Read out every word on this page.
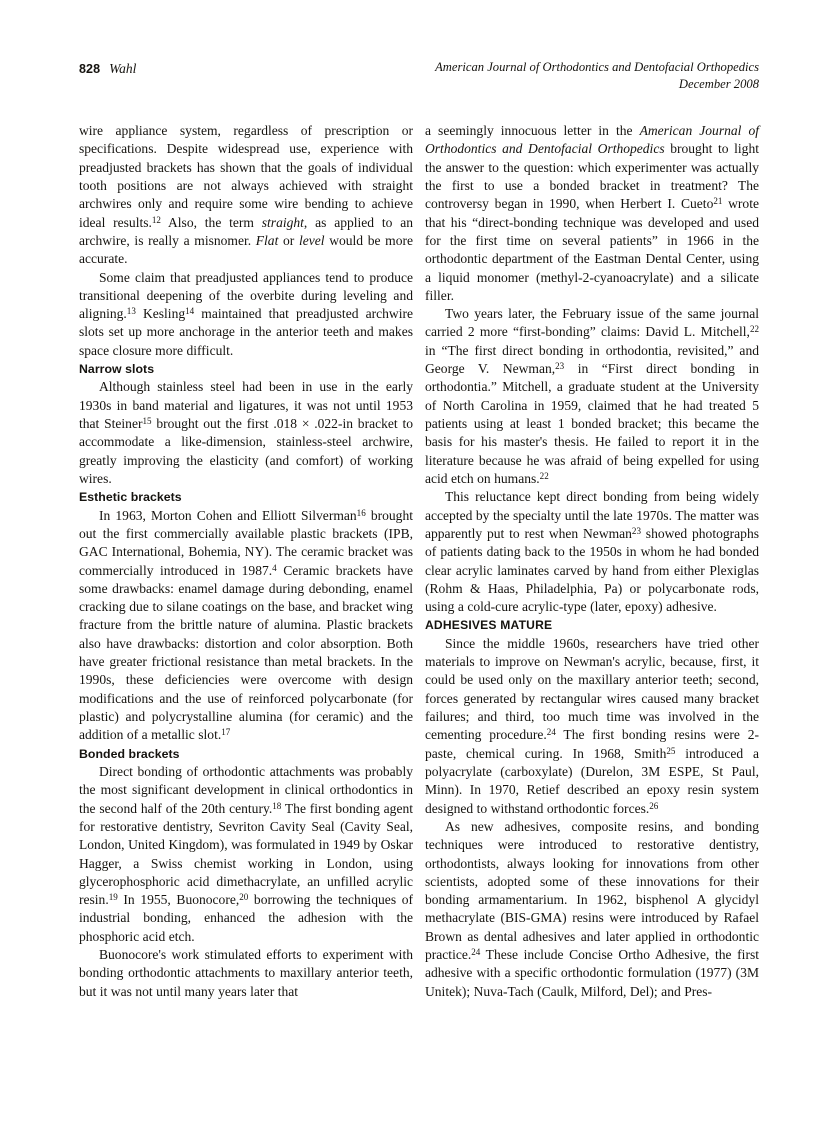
828 Wahl	American Journal of Orthodontics and Dentofacial Orthopedics
December 2008

wire appliance system, regardless of prescription or specifications. Despite widespread use, experience with preadjusted brackets has shown that the goals of individual tooth positions are not always achieved with straight archwires only and require some wire bending to achieve ideal results.$^{12}$ Also, the term straight, as applied to an archwire, is really a misnomer. Flat or level would be more accurate.

Some claim that preadjusted appliances tend to produce transitional deepening of the overbite during leveling and aligning.$^{13}$ Kesling$^{14}$ maintained that preadjusted archwire slots set up more anchorage in the anterior teeth and makes space closure more difficult.

Narrow slots

Although stainless steel had been in use in the early 1930s in band material and ligatures, it was not until 1953 that Steiner$^{15}$ brought out the first .018 × .022-in bracket to accommodate a like-dimension, stainless-steel archwire, greatly improving the elasticity (and comfort) of working wires.

Esthetic brackets

In 1963, Morton Cohen and Elliott Silverman$^{16}$ brought out the first commercially available plastic brackets (IPB, GAC International, Bohemia, NY). The ceramic bracket was commercially introduced in 1987.$^4$ Ceramic brackets have some drawbacks: enamel damage during debonding, enamel cracking due to silane coatings on the base, and bracket wing fracture from the brittle nature of alumina. Plastic brackets also have drawbacks: distortion and color absorption. Both have greater frictional resistance than metal brackets. In the 1990s, these deficiencies were overcome with design modifications and the use of reinforced polycarbonate (for plastic) and polycrystalline alumina (for ceramic) and the addition of a metallic slot.$^{17}$

Bonded brackets

Direct bonding of orthodontic attachments was probably the most significant development in clinical orthodontics in the second half of the 20th century.$^{18}$ The first bonding agent for restorative dentistry, Sevriton Cavity Seal (Cavity Seal, London, United Kingdom), was formulated in 1949 by Oskar Hagger, a Swiss chemist working in London, using glycerophosphoric acid dimethacrylate, an unfilled acrylic resin.$^{19}$ In 1955, Buonocore,$^{20}$ borrowing the techniques of industrial bonding, enhanced the adhesion with the phosphoric acid etch.

Buonocore's work stimulated efforts to experiment with bonding orthodontic attachments to maxillary anterior teeth, but it was not until many years later that

a seemingly innocuous letter in the American Journal of Orthodontics and Dentofacial Orthopedics brought to light the answer to the question: which experimenter was actually the first to use a bonded bracket in treatment? The controversy began in 1990, when Herbert I. Cueto$^{21}$ wrote that his “direct-bonding technique was developed and used for the first time on several patients” in 1966 in the orthodontic department of the Eastman Dental Center, using a liquid monomer (methyl-2-cyanoacrylate) and a silicate filler.

Two years later, the February issue of the same journal carried 2 more “first-bonding” claims: David L. Mitchell,$^{22}$ in “The first direct bonding in orthodontia, revisited,” and George V. Newman,$^{23}$ in “First direct bonding in orthodontia.” Mitchell, a graduate student at the University of North Carolina in 1959, claimed that he had treated 5 patients using at least 1 bonded bracket; this became the basis for his master's thesis. He failed to report it in the literature because he was afraid of being expelled for using acid etch on humans.$^{22}$

This reluctance kept direct bonding from being widely accepted by the specialty until the late 1970s. The matter was apparently put to rest when Newman$^{23}$ showed photographs of patients dating back to the 1950s in whom he had bonded clear acrylic laminates carved by hand from either Plexiglas (Rohm & Haas, Philadelphia, Pa) or polycarbonate rods, using a cold-cure acrylic-type (later, epoxy) adhesive.

ADHESIVES MATURE

Since the middle 1960s, researchers have tried other materials to improve on Newman's acrylic, because, first, it could be used only on the maxillary anterior teeth; second, forces generated by rectangular wires caused many bracket failures; and third, too much time was involved in the cementing procedure.$^{24}$ The first bonding resins were 2-paste, chemical curing. In 1968, Smith$^{25}$ introduced a polyacrylate (carboxylate) (Durelon, 3M ESPE, St Paul, Minn). In 1970, Retief described an epoxy resin system designed to withstand orthodontic forces.$^{26}$

As new adhesives, composite resins, and bonding techniques were introduced to restorative dentistry, orthodontists, always looking for innovations from other scientists, adopted some of these innovations for their bonding armamentarium. In 1962, bisphenol A glycidyl methacrylate (BIS-GMA) resins were introduced by Rafael Brown as dental adhesives and later applied in orthodontic practice.$^{24}$ These include Concise Ortho Adhesive, the first adhesive with a specific orthodontic formulation (1977) (3M Unitek); Nuva-Tach (Caulk, Milford, Del); and Pres-
